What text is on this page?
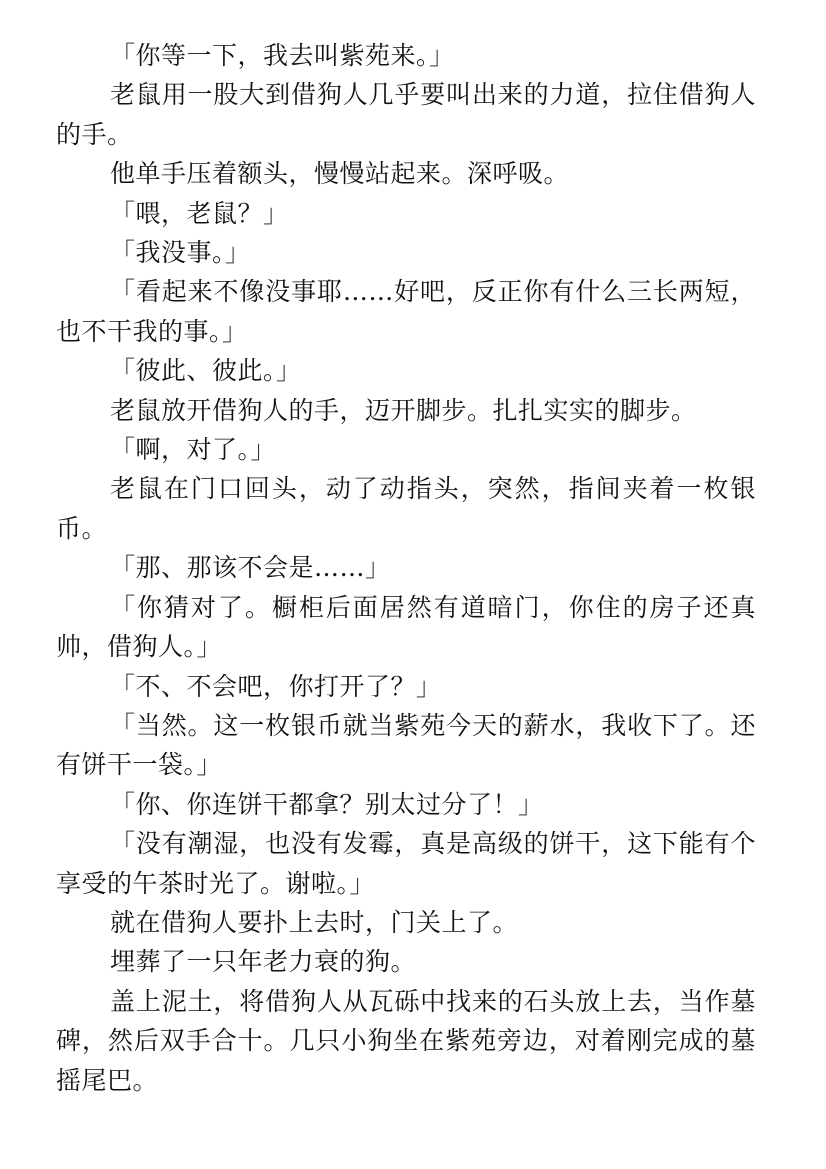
「你等一下，我去叫紫苑来。」

老鼠用一股大到借狗人几乎要叫出来的力道，拉住借狗人的手。

他单手压着额头，慢慢站起来。深呼吸。

「喂，老鼠？」

「我没事。」

「看起来不像没事耶……好吧，反正你有什么三长两短，也不干我的事。」

「彼此、彼此。」

老鼠放开借狗人的手，迈开脚步。扎扎实实的脚步。

「啊，对了。」

老鼠在门口回头，动了动指头，突然，指间夹着一枚银币。

「那、那该不会是……」

「你猜对了。橱柜后面居然有道暗门，你住的房子还真帅，借狗人。」

「不、不会吧，你打开了？」

「当然。这一枚银币就当紫苑今天的薪水，我收下了。还有饼干一袋。」

「你、你连饼干都拿？别太过分了！」

「没有潮湿，也没有发霉，真是高级的饼干，这下能有个享受的午茶时光了。谢啦。」

就在借狗人要扑上去时，门关上了。

埋葬了一只年老力衰的狗。

盖上泥土，将借狗人从瓦砾中找来的石头放上去，当作墓碑，然后双手合十。几只小狗坐在紫苑旁边，对着刚完成的墓摇尾巴。
